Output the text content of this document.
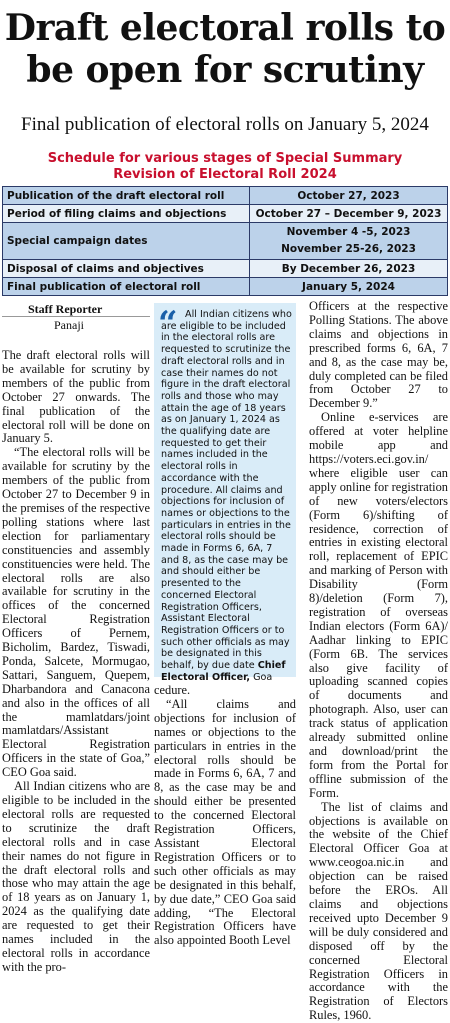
Draft electoral rolls to
be open for scrutiny
Final publication of electoral rolls on January 5, 2024
Schedule for various stages of Special Summary
Revision of Electoral Roll 2024
Publication of the draft electoral roll	October 27, 2023
Period of filing claims and objections	October 27 – December 9, 2023
Special campaign dates	November 4 -5, 2023
November 25-26, 2023

Disposal of claims and objectives	By December 26, 2023
Final publication of electoral roll	January 5, 2024
Staff Reporter
Panaji

The draft electoral rolls will be available for scrutiny by members of the public from October 27 onwards. The final publication of the electoral roll will be done on January 5.

“The electoral rolls will be available for scrutiny by the members of the public from October 27 to December 9 in the premises of the respective polling stations where last election for parliamentary constituencies and assembly constituencies were held. The electoral rolls are also available for scrutiny in the offices of the concerned Electoral Registration Officers of Pernem, Bicholim, Bardez, Tiswadi, Ponda, Salcete, Mormugao, Sattari, Sanguem, Quepem, Dharbandora and Canacona and also in the offices of all the mamlatdars/joint mamlatdars/Assistant Electoral Registration Officers in the state of Goa,” CEO Goa said.

All Indian citizens who are eligible to be included in the electoral rolls are requested to scrutinize the draft electoral rolls and in case their names do not figure in the draft electoral rolls and those who may attain the age of 18 years as on January 1, 2024 as the qualifying date are requested to get their names included in the electoral rolls in accordance with the pro-

“ All Indian citizens who are eligible to be included in the electoral rolls are requested to scrutinize the draft electoral rolls and in case their names do not figure in the draft electoral rolls and those who may attain the age of 18 years as on January 1, 2024 as the qualifying date are requested to get their names included in the electoral rolls in accordance with the procedure. All claims and objections for inclusion of names or objections to the particulars in entries in the electoral rolls should be made in Forms 6, 6A, 7 and 8, as the case may be and should either be presented to the concerned Electoral Registration Officers, Assistant Electoral Registration Officers or to such other officials as may be designated in this behalf, by due date Chief Electoral Officer, Goa

cedure.

“All claims and objections for inclusion of names or objections to the particulars in entries in the electoral rolls should be made in Forms 6, 6A, 7 and 8, as the case may be and should either be presented to the concerned Electoral Registration Officers, Assistant Electoral Registration Officers or to such other officials as may be designated in this behalf, by due date,” CEO Goa said adding, “The Electoral Registration Officers have also appointed Booth Level

Officers at the respective Polling Stations. The above claims and objections in prescribed forms 6, 6A, 7 and 8, as the case may be, duly completed can be filed from October 27 to December 9.”

Online e-services are offered at voter helpline mobile app and https://voters.eci.gov.in/ where eligible user can apply online for registration of new voters/electors (Form 6)/shifting of residence, correction of entries in existing electoral roll, replacement of EPIC and marking of Person with Disability (Form 8)/deletion (Form 7), registration of overseas Indian electors (Form 6A)/ Aadhar linking to EPIC (Form 6B. The services also give facility of uploading scanned copies of documents and photograph. Also, user can track status of application already submitted online and download/print the form from the Portal for offline submission of the Form.

The list of claims and objections is available on the website of the Chief Electoral Officer Goa at www.ceogoa.nic.in and objection can be raised before the EROs. All claims and objections received upto December 9 will be duly considered and disposed off by the concerned Electoral Registration Officers in accordance with the Registration of Electors Rules, 1960.
